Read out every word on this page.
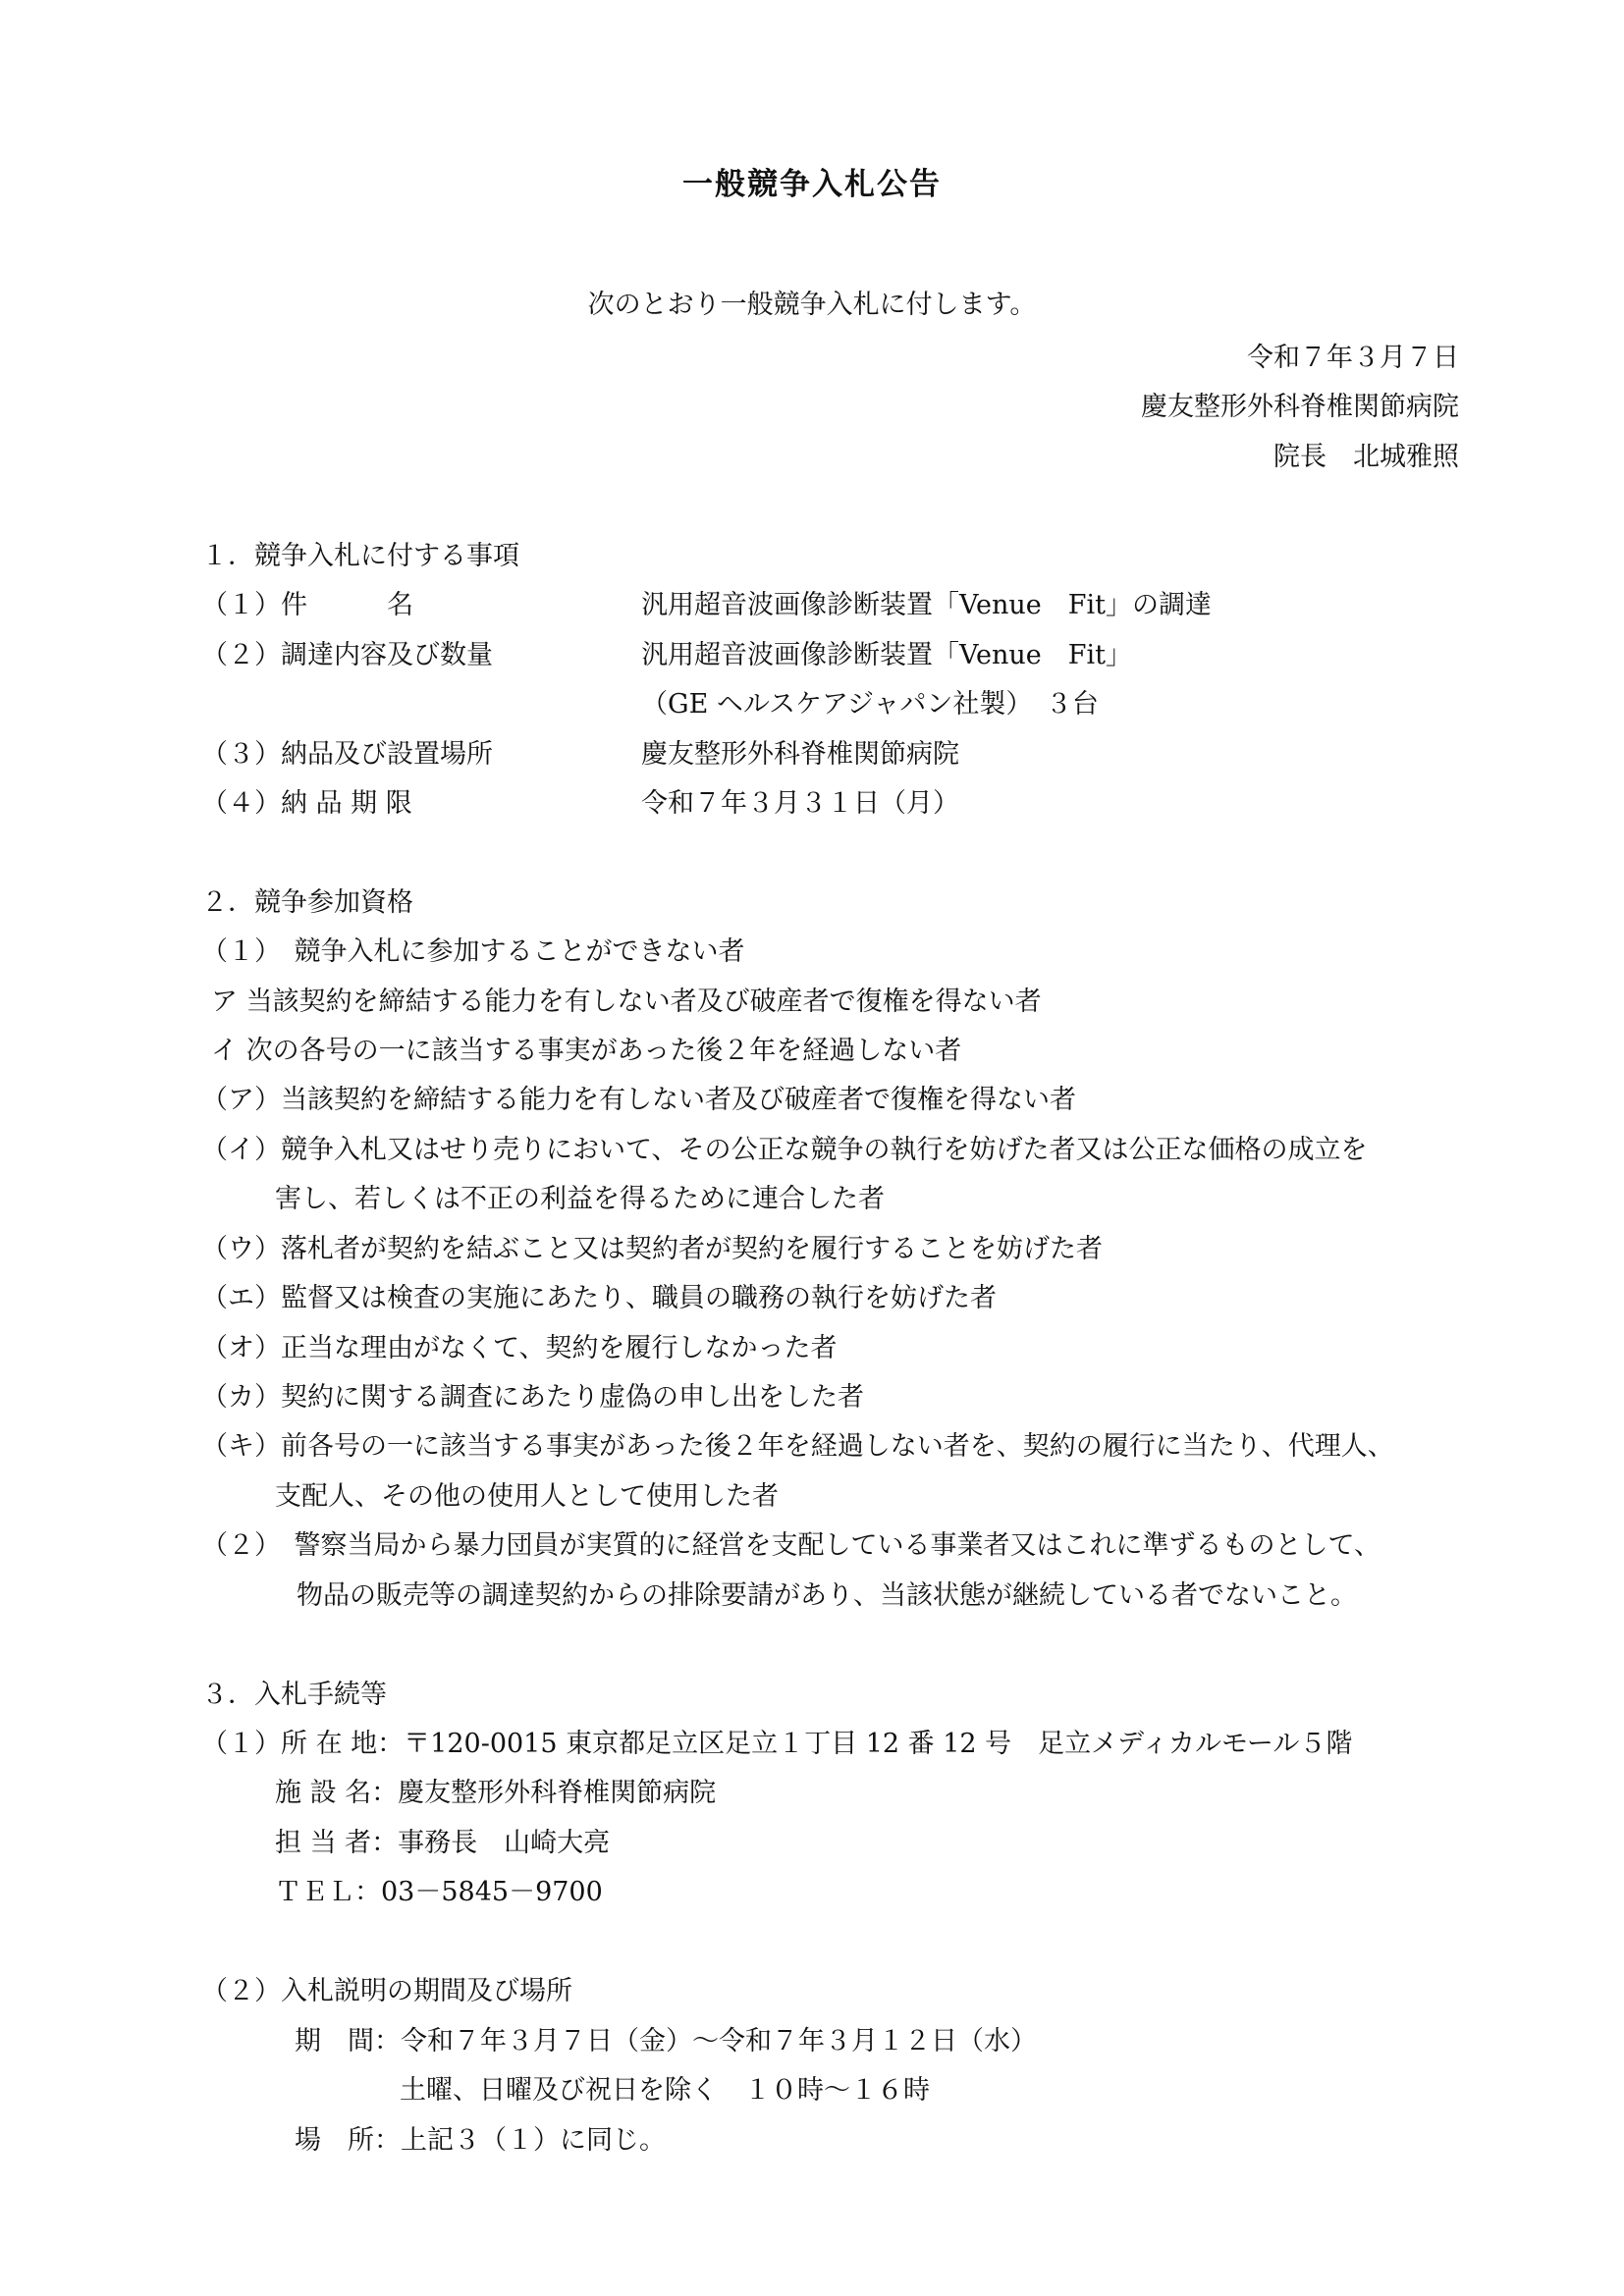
一般競争入札公告
次のとおり一般競争入札に付します。
令和７年３月７日
慶友整形外科脊椎関節病院
院長　北城雅照
１．競争入札に付する事項
（１）件　　　名	汎用超音波画像診断装置「Venue　Fit」の調達
（２）調達内容及び数量	汎用超音波画像診断装置「Venue　Fit」
（GE ヘルスケアジャパン社製）　３台
（３）納品及び設置場所	慶友整形外科脊椎関節病院
（４）納 品 期 限	令和７年３月３１日（月）
２．競争参加資格
（１）　競争入札に参加することができない者
ア 当該契約を締結する能力を有しない者及び破産者で復権を得ない者
イ 次の各号の一に該当する事実があった後２年を経過しない者
（ア）当該契約を締結する能力を有しない者及び破産者で復権を得ない者
（イ）競争入札又はせり売りにおいて、その公正な競争の執行を妨げた者又は公正な価格の成立を
害し、若しくは不正の利益を得るために連合した者
（ウ）落札者が契約を結ぶこと又は契約者が契約を履行することを妨げた者
（エ）監督又は検査の実施にあたり、職員の職務の執行を妨げた者
（オ）正当な理由がなくて、契約を履行しなかった者
（カ）契約に関する調査にあたり虚偽の申し出をした者
（キ）前各号の一に該当する事実があった後２年を経過しない者を、契約の履行に当たり、代理人、
支配人、その他の使用人として使用した者
（２）　警察当局から暴力団員が実質的に経営を支配している事業者又はこれに準ずるものとして、
物品の販売等の調達契約からの排除要請があり、当該状態が継続している者でないこと。
３．入札手続等
（１）所 在 地：〒120-0015 東京都足立区足立１丁目 12 番 12 号　足立メディカルモール５階
施 設 名：慶友整形外科脊椎関節病院
担 当 者：事務長　山崎大亮
ＴＥＬ：03－5845－9700
（２）入札説明の期間及び場所
期　間：令和７年３月７日（金）～令和７年３月１２日（水）
土曜、日曜及び祝日を除く　１０時～１６時
場　所：上記３（１）に同じ。
